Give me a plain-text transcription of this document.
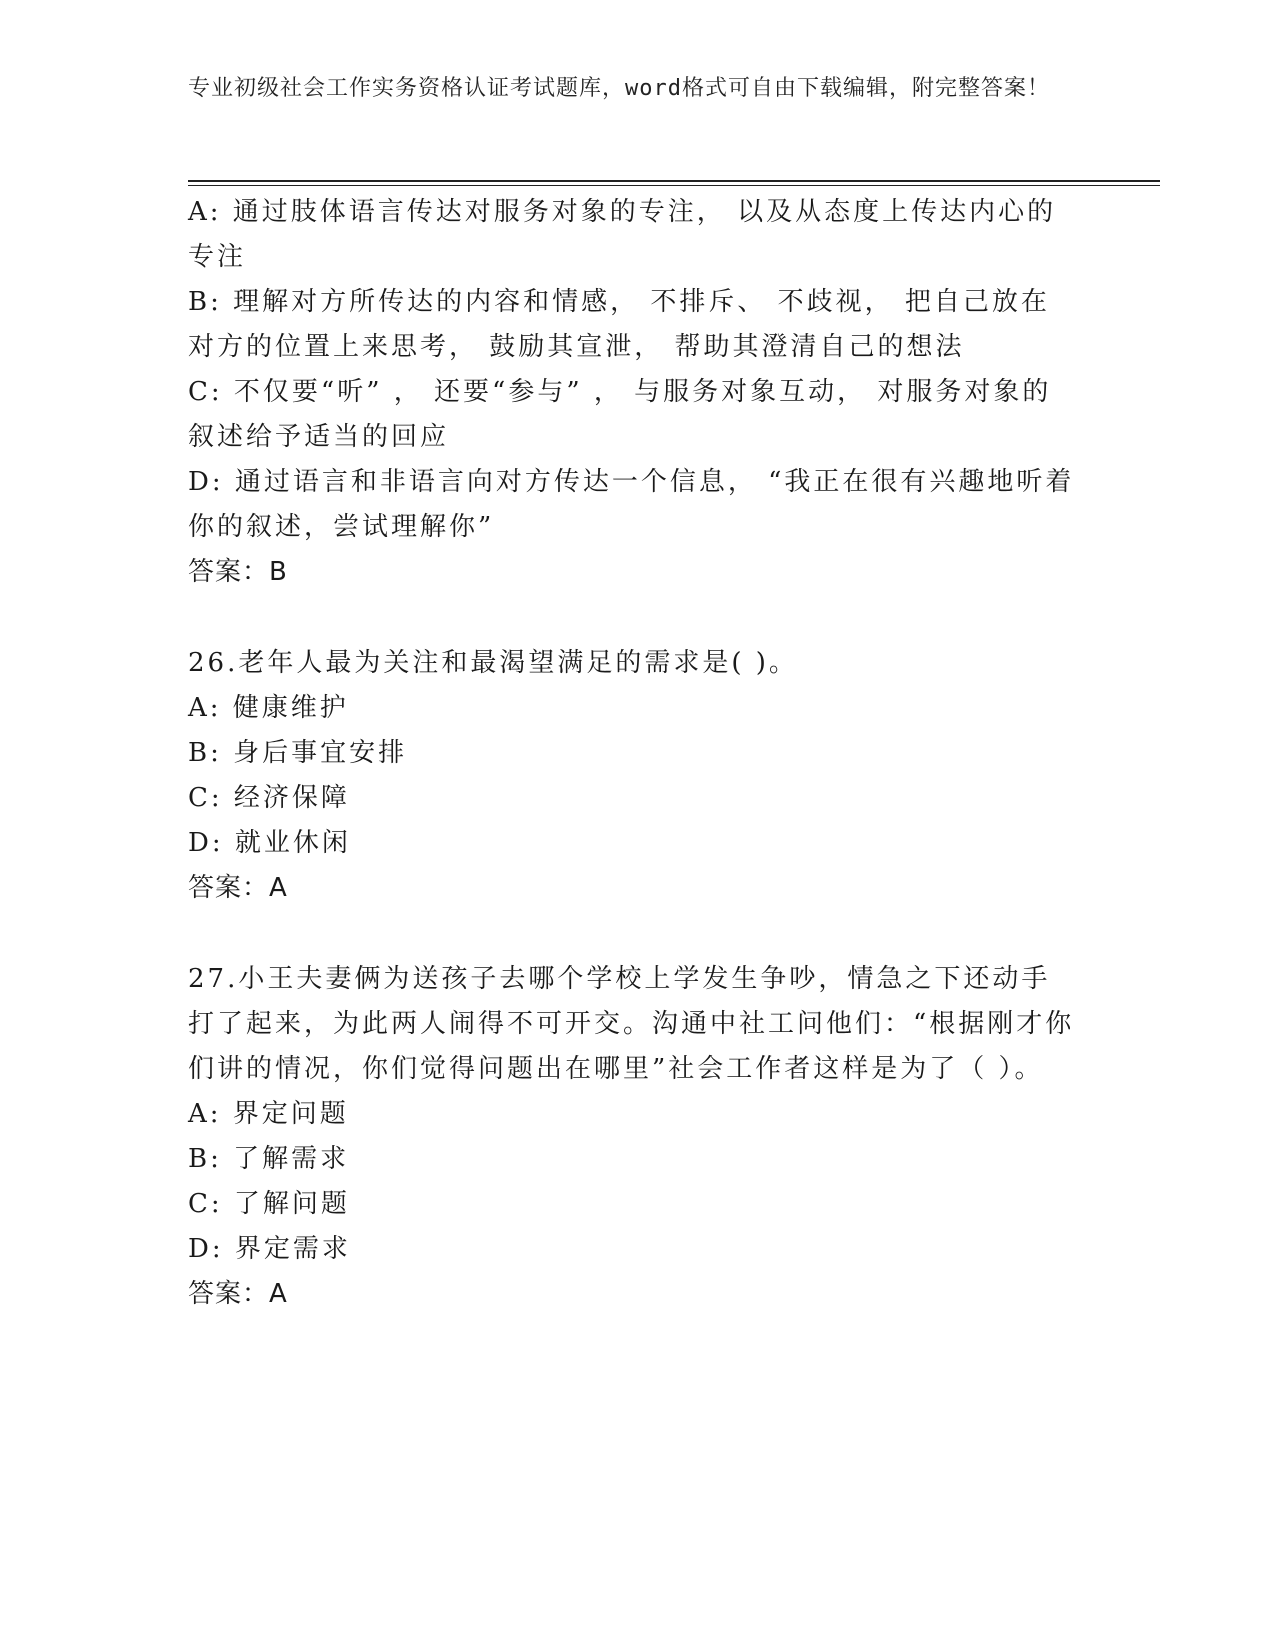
专业初级社会工作实务资格认证考试题库，word格式可自由下载编辑，附完整答案！
A: 通过肢体语言传达对服务对象的专注， 以及从态度上传达内心的专注
B: 理解对方所传达的内容和情感， 不排斥、 不歧视， 把自己放在对方的位置上来思考， 鼓励其宣泄， 帮助其澄清自己的想法
C: 不仅要“听” ， 还要“参与” ， 与服务对象互动， 对服务对象的叙述给予适当的回应
D: 通过语言和非语言向对方传达一个信息， “我正在很有兴趣地听着你的叙述，尝试理解你”
答案：B
26.老年人最为关注和最渴望满足的需求是( )。
A: 健康维护
B: 身后事宜安排
C: 经济保障
D: 就业休闲
答案：A
27.小王夫妻俩为送孩子去哪个学校上学发生争吵，情急之下还动手打了起来，为此两人闹得不可开交。沟通中社工问他们：“根据刚才你们讲的情况，你们觉得问题出在哪里”社会工作者这样是为了（ ）。
A: 界定问题
B: 了解需求
C: 了解问题
D: 界定需求
答案：A
